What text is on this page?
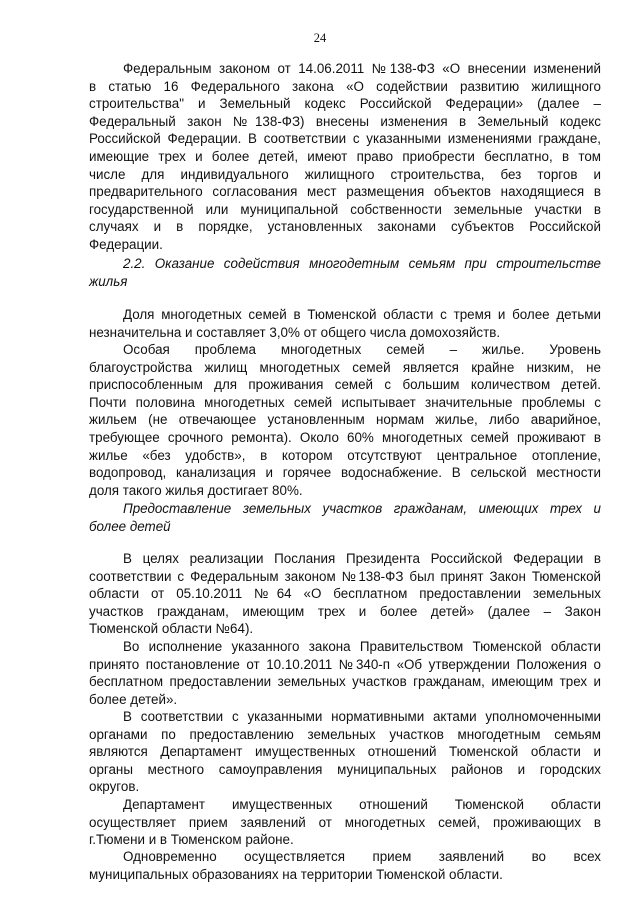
24
Федеральным законом от 14.06.2011 №138-ФЗ «О внесении изменений
в статью 16 Федерального закона «О содействии развитию жилищного
строительства" и Земельный кодекс Российской Федерации» (далее –
Федеральный закон №138-ФЗ) внесены изменения в Земельный кодекс
Российской Федерации. В соответствии с указанными изменениями граждане,
имеющие трех и более детей, имеют право приобрести бесплатно, в том
числе для индивидуального жилищного строительства, без торгов и
предварительного согласования мест размещения объектов находящиеся в
государственной или муниципальной собственности земельные участки в
случаях и в порядке, установленных законами субъектов Российской
Федерации.
2.2. Оказание содействия многодетным семьям при строительстве
жилья
Доля многодетных семей в Тюменской области с тремя и более детьми
незначительна и составляет 3,0% от общего числа домохозяйств.
Особая проблема многодетных семей – жилье. Уровень
благоустройства жилищ многодетных семей является крайне низким, не
приспособленным для проживания семей с большим количеством детей.
Почти половина многодетных семей испытывает значительные проблемы с
жильем (не отвечающее установленным нормам жилье, либо аварийное,
требующее срочного ремонта). Около 60% многодетных семей проживают в
жилье «без удобств», в котором отсутствуют центральное отопление,
водопровод, канализация и горячее водоснабжение. В сельской местности
доля такого жилья достигает 80%.
Предоставление земельных участков гражданам, имеющих трех и
более детей
В целях реализации Послания Президента Российской Федерации в
соответствии с Федеральным законом №138-ФЗ был принят Закон Тюменской
области от 05.10.2011 №64 «О бесплатном предоставлении земельных
участков гражданам, имеющим трех и более детей» (далее – Закон
Тюменской области №64).
Во исполнение указанного закона Правительством Тюменской области
принято постановление от 10.10.2011 №340-п «Об утверждении Положения о
бесплатном предоставлении земельных участков гражданам, имеющим трех и
более детей».
В соответствии с указанными нормативными актами уполномоченными
органами по предоставлению земельных участков многодетным семьям
являются Департамент имущественных отношений Тюменской области и
органы местного самоуправления муниципальных районов и городских
округов.
Департамент имущественных отношений Тюменской области
осуществляет прием заявлений от многодетных семей, проживающих в
г.Тюмени и в Тюменском районе.
Одновременно осуществляется прием заявлений во всех
муниципальных образованиях на территории Тюменской области.
